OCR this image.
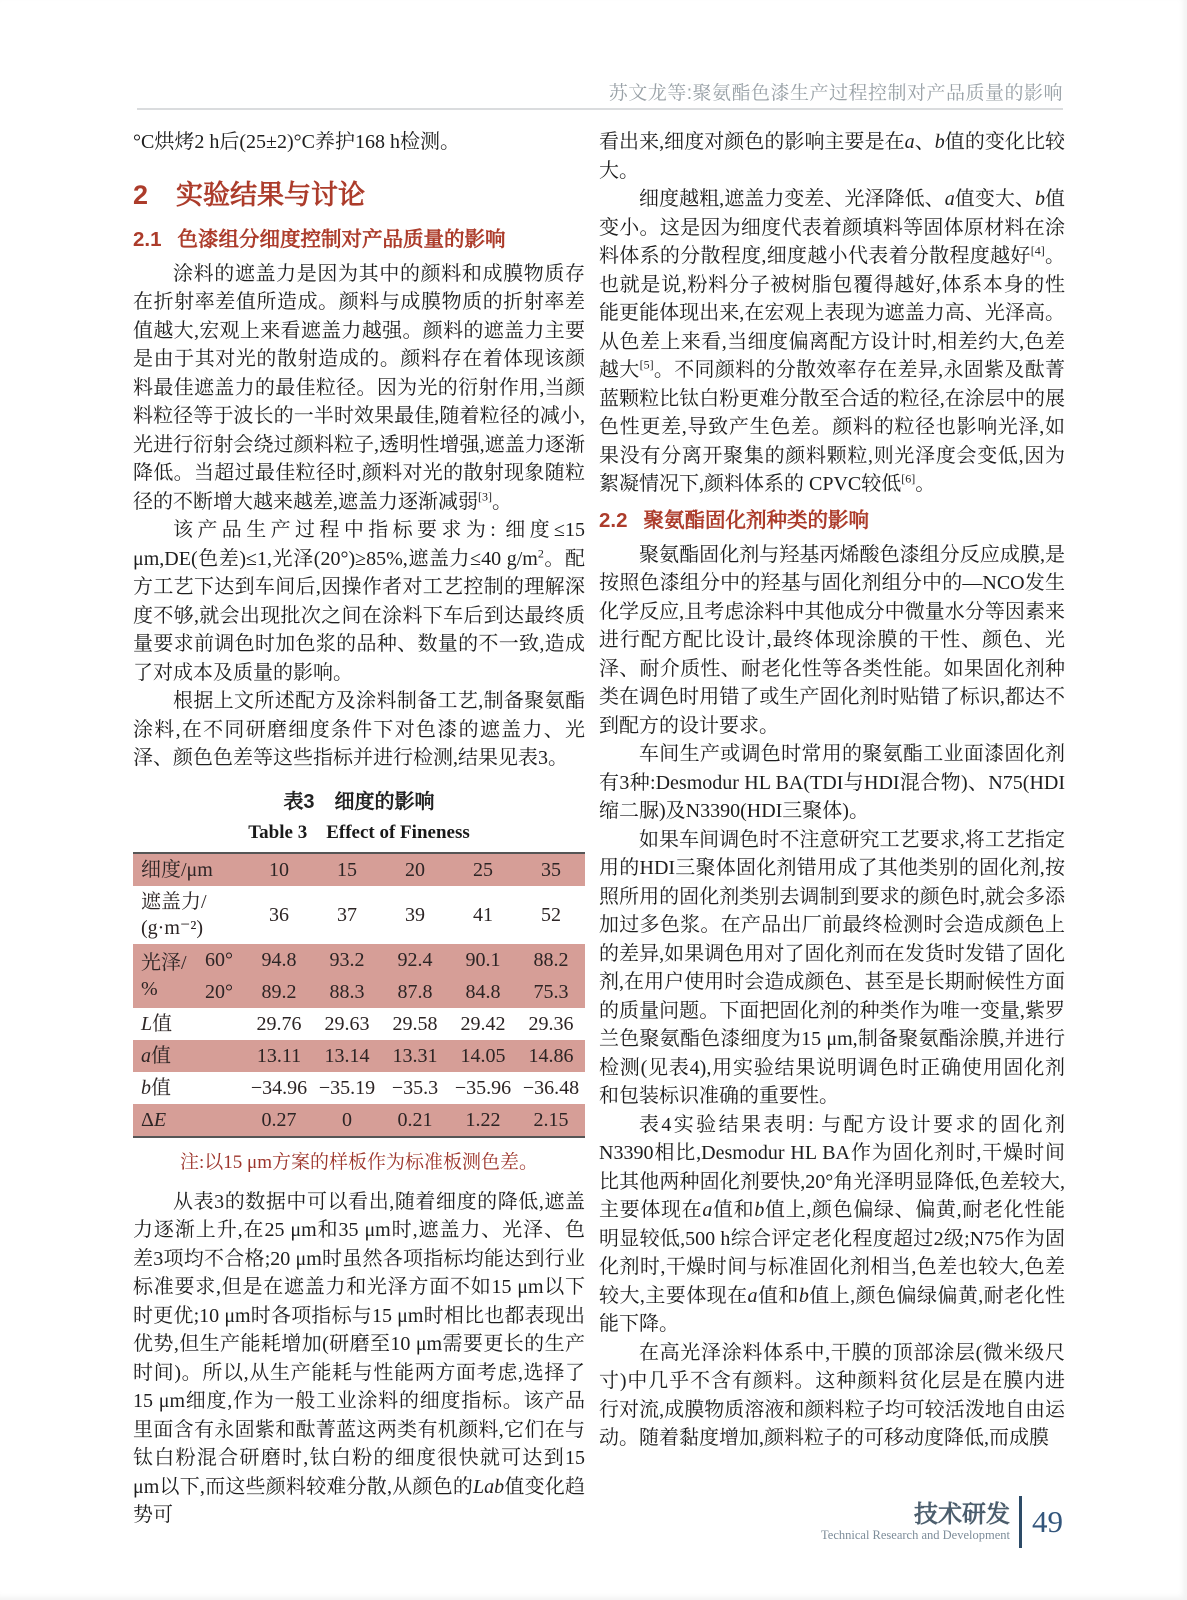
苏文龙等:聚氨酯色漆生产过程控制对产品质量的影响

°C烘烤2 h后(25±2)°C养护168 h检测。

2 实验结果与讨论
2.1 色漆组分细度控制对产品质量的影响

涂料的遮盖力是因为其中的颜料和成膜物质存在折射率差值所造成。颜料与成膜物质的折射率差值越大,宏观上来看遮盖力越强。颜料的遮盖力主要是由于其对光的散射造成的。颜料存在着体现该颜料最佳遮盖力的最佳粒径。因为光的衍射作用,当颜料粒径等于波长的一半时效果最佳,随着粒径的减小,光进行衍射会绕过颜料粒子,透明性增强,遮盖力逐渐降低。当超过最佳粒径时,颜料对光的散射现象随粒径的不断增大越来越差,遮盖力逐渐减弱[3]。

该产品生产过程中指标要求为: 细度≤15 μm,DE(色差)≤1,光泽(20°)≥85%,遮盖力≤40 $g/m^2$。配方工艺下达到车间后,因操作者对工艺控制的理解深度不够,就会出现批次之间在涂料下车后到达最终质量要求前调色时加色浆的品种、数量的不一致,造成了对成本及质量的影响。

根据上文所述配方及涂料制备工艺,制备聚氨酯涂料,在不同研磨细度条件下对色漆的遮盖力、光泽、颜色色差等这些指标并进行检测,结果见表3。

表3　细度的影响
Table 3　Effect of Fineness
细度/μm		10	15	20	25	35

遮盖力/
(g·m⁻²)		36	37	39	41	52

光泽/
%	60°	94.8	93.2	92.4	90.1	88.2
	20°	89.2	88.3	87.8	84.8	75.3
L值		29.76	29.63	29.58	29.42	29.36
a值		13.11	13.14	13.31	14.05	14.86
b值		−34.96	−35.19	−35.3	−35.96	−36.48
ΔE		0.27	0	0.21	1.22	2.15
注:以15 μm方案的样板作为标准板测色差。

从表3的数据中可以看出,随着细度的降低,遮盖力逐渐上升,在25 μm和35 μm时,遮盖力、光泽、色差3项均不合格;20 μm时虽然各项指标均能达到行业标准要求,但是在遮盖力和光泽方面不如15 μm以下时更优;10 μm时各项指标与15 μm时相比也都表现出优势,但生产能耗增加(研磨至10 μm需要更长的生产时间)。所以,从生产能耗与性能两方面考虑,选择了15 μm细度,作为一般工业涂料的细度指标。该产品里面含有永固紫和酞菁蓝这两类有机颜料,它们在与钛白粉混合研磨时,钛白粉的细度很快就可达到15 μm以下,而这些颜料较难分散,从颜色的Lab值变化趋势可

看出来,细度对颜色的影响主要是在a、b值的变化比较大。

细度越粗,遮盖力变差、光泽降低、a值变大、b值变小。这是因为细度代表着颜填料等固体原材料在涂料体系的分散程度,细度越小代表着分散程度越好[4]。也就是说,粉料分子被树脂包覆得越好,体系本身的性能更能体现出来,在宏观上表现为遮盖力高、光泽高。从色差上来看,当细度偏离配方设计时,相差约大,色差越大[5]。不同颜料的分散效率存在差异,永固紫及酞菁蓝颗粒比钛白粉更难分散至合适的粒径,在涂层中的展色性更差,导致产生色差。颜料的粒径也影响光泽,如果没有分离开聚集的颜料颗粒,则光泽度会变低,因为絮凝情况下,颜料体系的 CPVC较低[6]。

2.2 聚氨酯固化剂种类的影响

聚氨酯固化剂与羟基丙烯酸色漆组分反应成膜,是按照色漆组分中的羟基与固化剂组分中的—NCO发生化学反应,且考虑涂料中其他成分中微量水分等因素来进行配方配比设计,最终体现涂膜的干性、颜色、光泽、耐介质性、耐老化性等各类性能。如果固化剂种类在调色时用错了或生产固化剂时贴错了标识,都达不到配方的设计要求。

车间生产或调色时常用的聚氨酯工业面漆固化剂有3种:Desmodur HL BA(TDI与HDI混合物)、N75(HDI缩二脲)及N3390(HDI三聚体)。

如果车间调色时不注意研究工艺要求,将工艺指定用的HDI三聚体固化剂错用成了其他类别的固化剂,按照所用的固化剂类别去调制到要求的颜色时,就会多添加过多色浆。在产品出厂前最终检测时会造成颜色上的差异,如果调色用对了固化剂而在发货时发错了固化剂,在用户使用时会造成颜色、甚至是长期耐候性方面的质量问题。下面把固化剂的种类作为唯一变量,紫罗兰色聚氨酯色漆细度为15 μm,制备聚氨酯涂膜,并进行检测(见表4),用实验结果说明调色时正确使用固化剂和包装标识准确的重要性。

表4实验结果表明: 与配方设计要求的固化剂N3390相比,Desmodur HL BA作为固化剂时,干燥时间比其他两种固化剂要快,20°角光泽明显降低,色差较大,主要体现在a值和b值上,颜色偏绿、偏黄,耐老化性能明显较低,500 h综合评定老化程度超过2级;N75作为固化剂时,干燥时间与标准固化剂相当,色差也较大,色差较大,主要体现在a值和b值上,颜色偏绿偏黄,耐老化性能下降。

在高光泽涂料体系中,干膜的顶部涂层(微米级尺寸)中几乎不含有颜料。这种颜料贫化层是在膜内进行对流,成膜物质溶液和颜料粒子均可较活泼地自由运动。随着黏度增加,颜料粒子的可移动度降低,而成膜

技术研发
Technical Research and Development 49
